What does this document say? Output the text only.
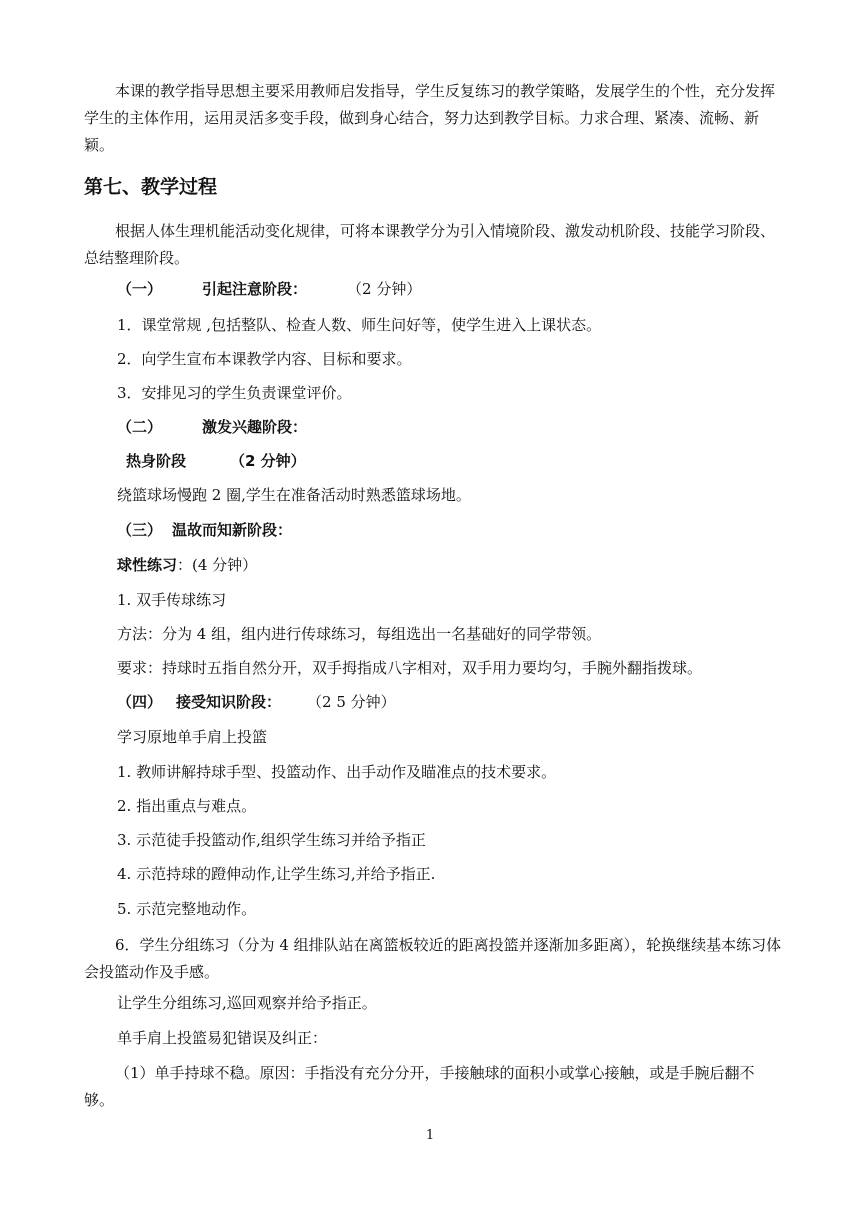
本课的教学指导思想主要采用教师启发指导，学生反复练习的教学策略，发展学生的个性，充分发挥学生的主体作用，运用灵活多变手段，做到身心结合，努力达到教学目标。力求合理、紧凑、流畅、新颖。

第七、教学过程

根据人体生理机能活动变化规律，可将本课教学分为引入情境阶段、激发动机阶段、技能学习阶段、总结整理阶段。

（一）	引起注意阶段：	（2 分钟）

1．课堂常规 ,包括整队、检查人数、师生问好等，使学生进入上课状态。

2．向学生宣布本课教学内容、目标和要求。

3．安排见习的学生负责课堂评价。

（二）	激发兴趣阶段：

热身阶段	（2 分钟）

绕篮球场慢跑 2 圈,学生在准备活动时熟悉篮球场地。

（三） 温故而知新阶段：

球性练习：(4 分钟）

1. 双手传球练习

方法：分为 4 组，组内进行传球练习，每组选出一名基础好的同学带领。

要求：持球时五指自然分开，双手拇指成八字相对，双手用力要均匀，手腕外翻指拨球。

（四） 接受知识阶段： （2 5 分钟）

学习原地单手肩上投篮

1. 教师讲解持球手型、投篮动作、出手动作及瞄准点的技术要求。

2. 指出重点与难点。

3. 示范徒手投篮动作,组织学生练习并给予指正

4. 示范持球的蹬伸动作,让学生练习,并给予指正.

5. 示范完整地动作。

6．学生分组练习（分为 4 组排队站在离篮板较近的距离投篮并逐渐加多距离），轮换继续基本练习体会投篮动作及手感。

让学生分组练习,巡回观察并给予指正。

单手肩上投篮易犯错误及纠正：

（1）单手持球不稳。原因：手指没有充分分开，手接触球的面积小或掌心接触，或是手腕后翻不够。

1
